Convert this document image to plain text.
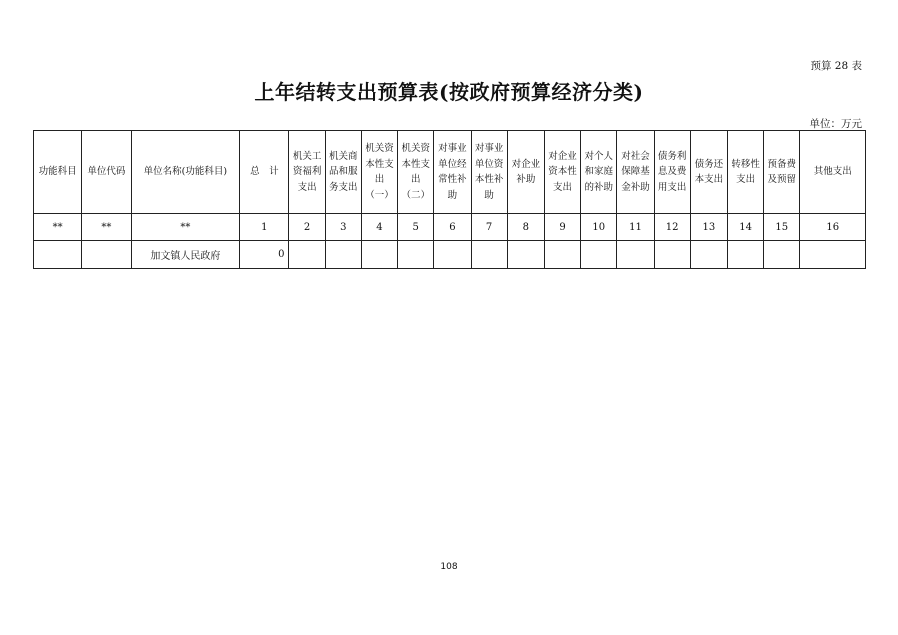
预算 28 表
上年结转支出预算表(按政府预算经济分类)
单位：万元
功能科目	单位代码	单位名称(功能科目)	总　计	机关工资福利支出	机关商品和服务支出	机关资本性支出（一）	机关资本性支出（二）	对事业单位经常性补助	对事业单位资本性补助	对企业补助	对企业资本性支出	对个人和家庭的补助	对社会保障基金补助	债务利息及费用支出	债务还本支出	转移性支出	预备费及预留	其他支出
**	**	**	1	2	3	4	5	6	7	8	9	10	11	12	13	14	15	16
		加文镇人民政府	0															
108
